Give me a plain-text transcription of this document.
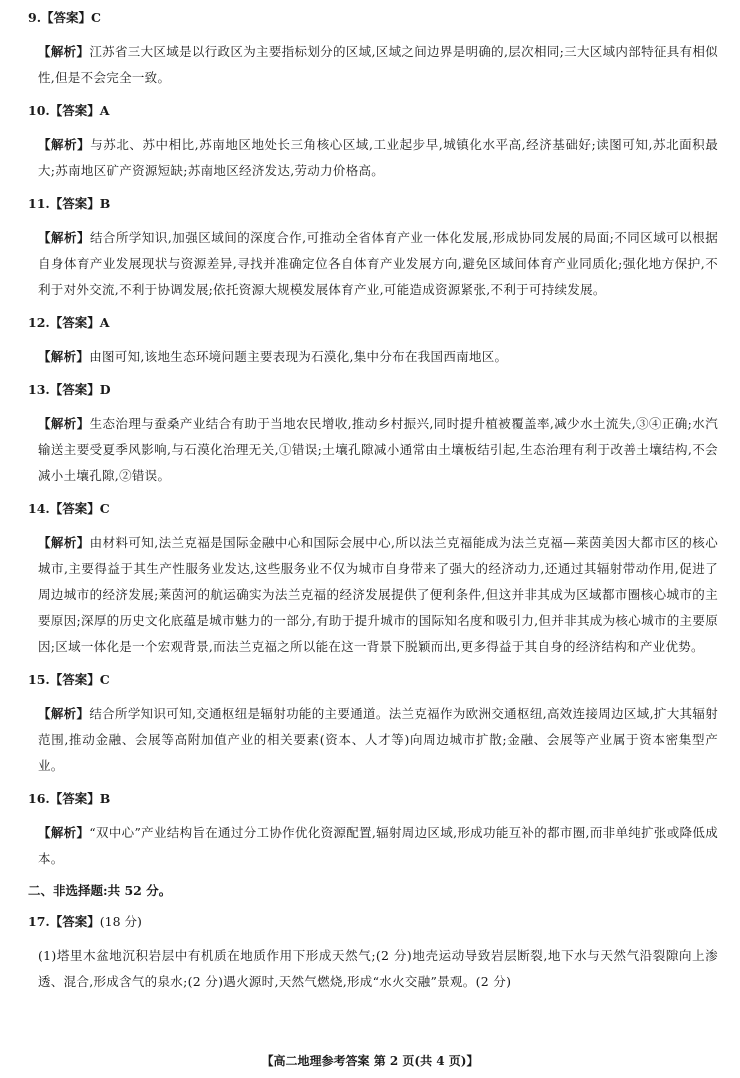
9.【答案】C

【解析】江苏省三大区域是以行政区为主要指标划分的区域,区域之间边界是明确的,层次相同;三大区域内部特征具有相似性,但是不会完全一致。

10.【答案】A

【解析】与苏北、苏中相比,苏南地区地处长三角核心区域,工业起步早,城镇化水平高,经济基础好;读图可知,苏北面积最大;苏南地区矿产资源短缺;苏南地区经济发达,劳动力价格高。

11.【答案】B

【解析】结合所学知识,加强区域间的深度合作,可推动全省体育产业一体化发展,形成协同发展的局面;不同区域可以根据自身体育产业发展现状与资源差异,寻找并准确定位各自体育产业发展方向,避免区域间体育产业同质化;强化地方保护,不利于对外交流,不利于协调发展;依托资源大规模发展体育产业,可能造成资源紧张,不利于可持续发展。

12.【答案】A

【解析】由图可知,该地生态环境问题主要表现为石漠化,集中分布在我国西南地区。

13.【答案】D

【解析】生态治理与蚕桑产业结合有助于当地农民增收,推动乡村振兴,同时提升植被覆盖率,减少水土流失,③④正确;水汽输送主要受夏季风影响,与石漠化治理无关,①错误;土壤孔隙减小通常由土壤板结引起,生态治理有利于改善土壤结构,不会减小土壤孔隙,②错误。

14.【答案】C

【解析】由材料可知,法兰克福是国际金融中心和国际会展中心,所以法兰克福能成为法兰克福—莱茵美因大都市区的核心城市,主要得益于其生产性服务业发达,这些服务业不仅为城市自身带来了强大的经济动力,还通过其辐射带动作用,促进了周边城市的经济发展;莱茵河的航运确实为法兰克福的经济发展提供了便利条件,但这并非其成为区域都市圈核心城市的主要原因;深厚的历史文化底蕴是城市魅力的一部分,有助于提升城市的国际知名度和吸引力,但并非其成为核心城市的主要原因;区域一体化是一个宏观背景,而法兰克福之所以能在这一背景下脱颖而出,更多得益于其自身的经济结构和产业优势。

15.【答案】C

【解析】结合所学知识可知,交通枢纽是辐射功能的主要通道。法兰克福作为欧洲交通枢纽,高效连接周边区域,扩大其辐射范围,推动金融、会展等高附加值产业的相关要素(资本、人才等)向周边城市扩散;金融、会展等产业属于资本密集型产业。

16.【答案】B

【解析】“双中心”产业结构旨在通过分工协作优化资源配置,辐射周边区域,形成功能互补的都市圈,而非单纯扩张或降低成本。

二、非选择题:共 52 分。

17.【答案】(18 分)

(1)塔里木盆地沉积岩层中有机质在地质作用下形成天然气;(2 分)地壳运动导致岩层断裂,地下水与天然气沿裂隙向上渗透、混合,形成含气的泉水;(2 分)遇火源时,天然气燃烧,形成“水火交融”景观。(2 分)

【高二地理参考答案 第 2 页(共 4 页)】
